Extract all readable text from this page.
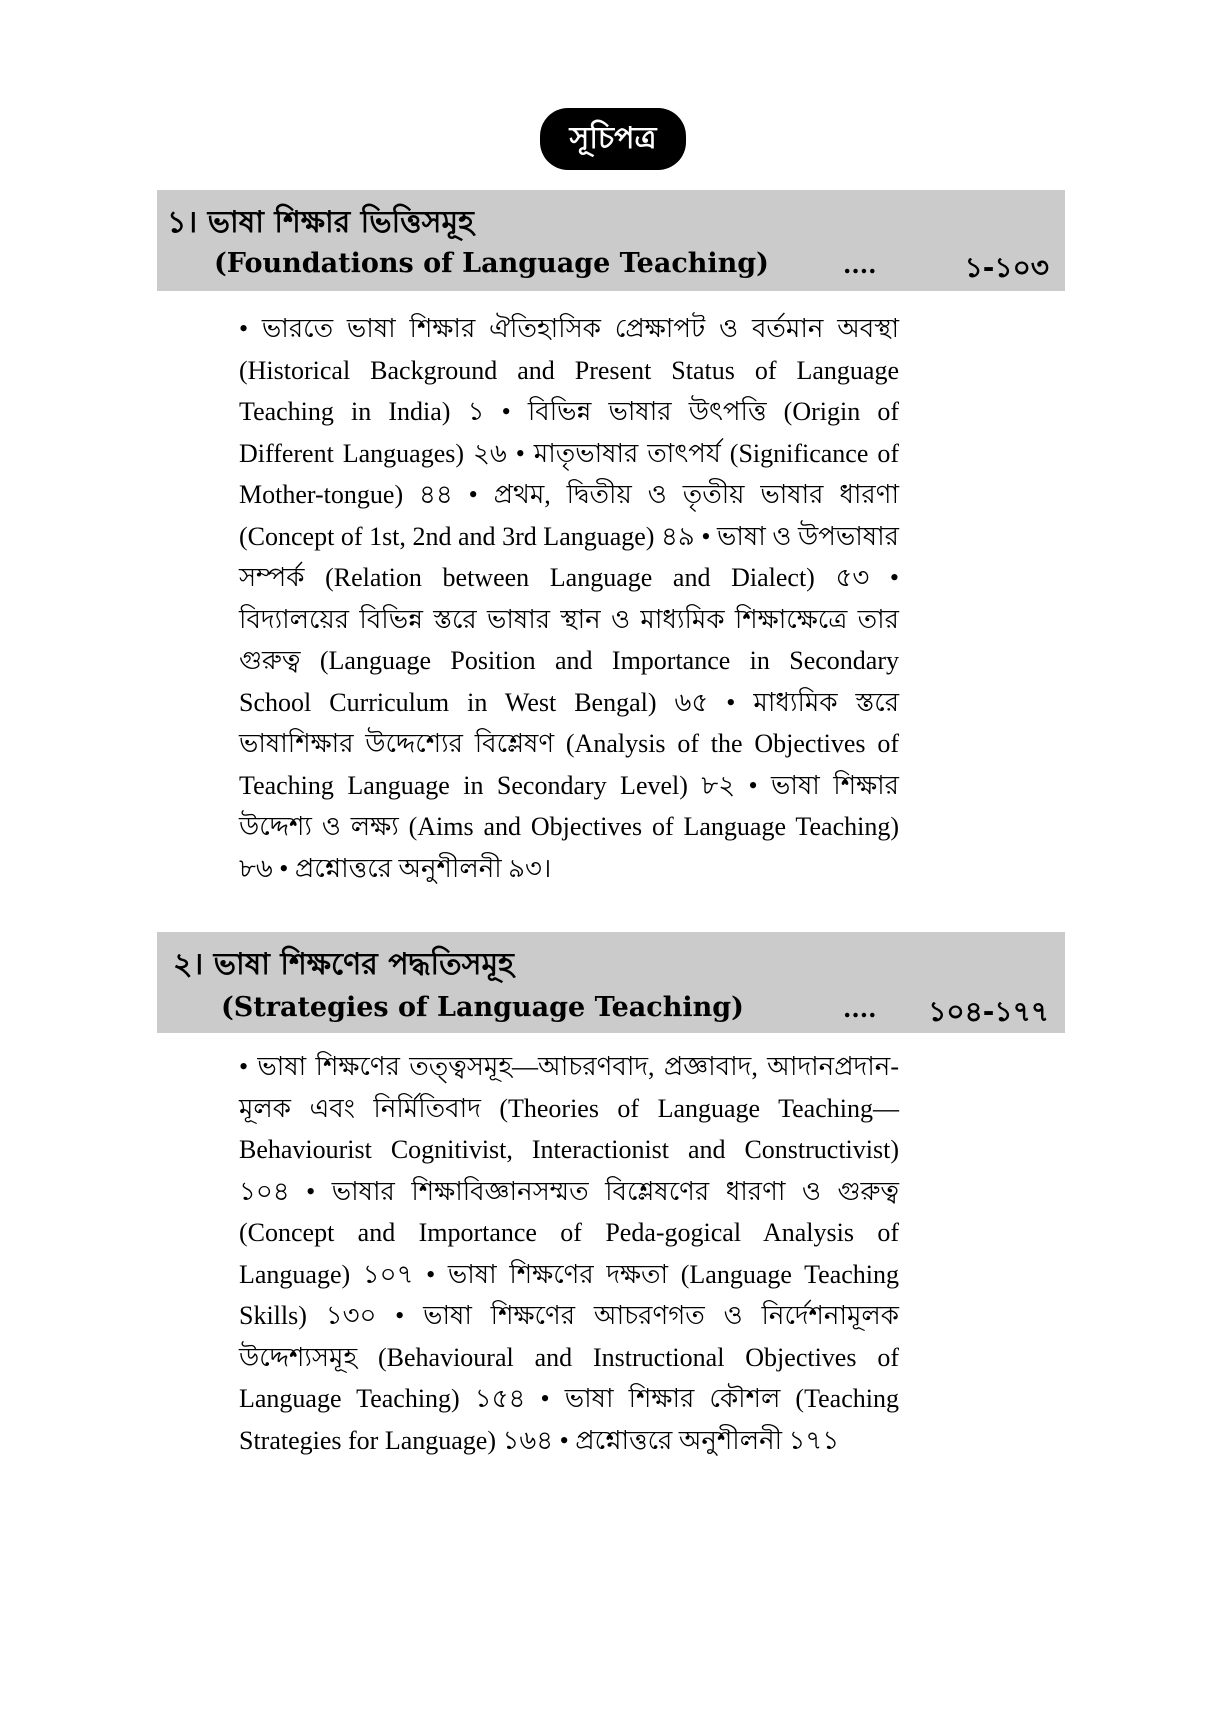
সূচিপত্র
১। ভাষা শিক্ষার ভিত্তিসমূহ
(Foundations of Language Teaching)	....	১-১০৩

• ভারতে ভাষা শিক্ষার ঐতিহাসিক প্রেক্ষাপট ও বর্তমান অবস্থা (Historical Background and Present Status of Language Teaching in India) ১ • বিভিন্ন ভাষার উৎপত্তি (Origin of Different Languages) ২৬ • মাতৃভাষার তাৎপর্য (Significance of Mother-tongue) ৪৪ • প্রথম, দ্বিতীয় ও তৃতীয় ভাষার ধারণা (Concept of 1st, 2nd and 3rd Language) ৪৯ • ভাষা ও উপভাষার সম্পর্ক (Relation between Language and Dialect) ৫৩ • বিদ্যালয়ের বিভিন্ন স্তরে ভাষার স্থান ও মাধ্যমিক শিক্ষাক্ষেত্রে তার গুরুত্ব (Language Position and Importance in Secondary School Curriculum in West Bengal) ৬৫ • মাধ্যমিক স্তরে ভাষাশিক্ষার উদ্দেশ্যের বিশ্লেষণ (Analysis of the Objectives of Teaching Language in Secondary Level) ৮২ • ভাষা শিক্ষার উদ্দেশ্য ও লক্ষ্য (Aims and Objectives of Language Teaching) ৮৬ • প্রশ্নোত্তরে অনুশীলনী ৯৩।

২। ভাষা শিক্ষণের পদ্ধতিসমূহ
(Strategies of Language Teaching)	.... ১০৪-১৭৭

• ভাষা শিক্ষণের তত্ত্বসমূহ—আচরণবাদ, প্রজ্ঞাবাদ, আদানপ্রদান-মূলক এবং নির্মিতিবাদ (Theories of Language Teaching— Behaviourist Cognitivist, Interactionist and Constructivist) ১০৪ • ভাষার শিক্ষাবিজ্ঞানসম্মত বিশ্লেষণের ধারণা ও গুরুত্ব (Concept and Importance of Peda-gogical Analysis of Language) ১০৭ • ভাষা শিক্ষণের দক্ষতা (Language Teaching Skills) ১৩০ • ভাষা শিক্ষণের আচরণগত ও নির্দেশনামূলক উদ্দেশ্যসমূহ (Behavioural and Instructional Objectives of Language Teaching) ১৫৪ • ভাষা শিক্ষার কৌশল (Teaching Strategies for Language) ১৬৪ • প্রশ্নোত্তরে অনুশীলনী ১৭১
